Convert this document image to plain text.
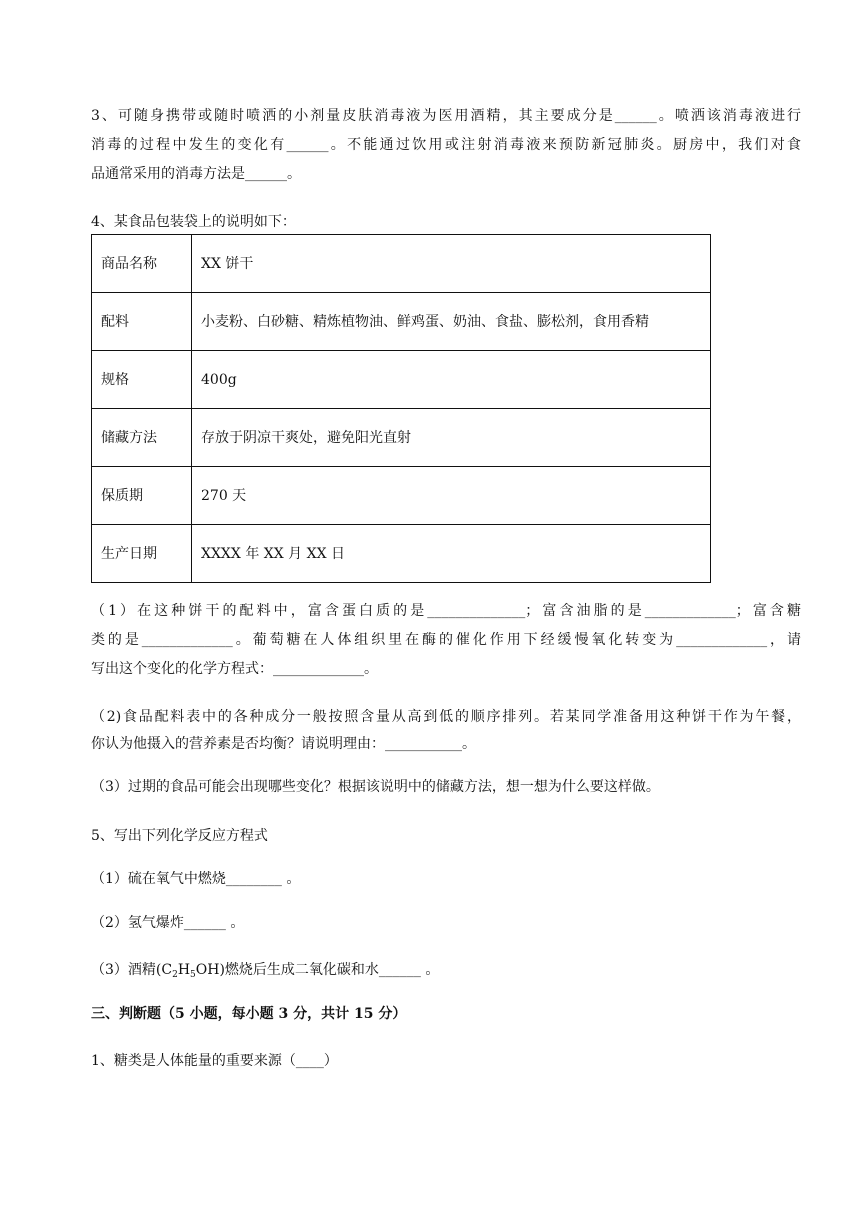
3、可随身携带或随时喷洒的小剂量皮肤消毒液为医用酒精，其主要成分是______。喷洒该消毒液进行
消毒的过程中发生的变化有______。不能通过饮用或注射消毒液来预防新冠肺炎。厨房中，我们对食
品通常采用的消毒方法是______。
4、某食品包装袋上的说明如下：
商品名称	XX 饼干
配料	小麦粉、白砂糖、精炼植物油、鲜鸡蛋、奶油、食盐、膨松剂，食用香精
规格	400g
储藏方法	存放于阴凉干爽处，避免阳光直射
保质期	270 天
生产日期	XXXX 年 XX 月 XX 日
（1）在这种饼干的配料中，富含蛋白质的是______________；富含油脂的是_____________；富含糖
类的是_____________。葡萄糖在人体组织里在酶的催化作用下经缓慢氧化转变为_____________，请
写出这个变化的化学方程式：_____________。
（2)食品配料表中的各种成分一般按照含量从高到低的顺序排列。若某同学准备用这种饼干作为午餐，
你认为他摄入的营养素是否均衡？请说明理由：___________。
（3）过期的食品可能会出现哪些变化？根据该说明中的储藏方法，想一想为什么要这样做。
5、写出下列化学反应方程式
（1）硫在氧气中燃烧________ 。
（2）氢气爆炸______ 。
（3）酒精$(C_2H_5OH)$燃烧后生成二氧化碳和水______ 。
三、判断题（5 小题，每小题 3 分，共计 15 分）
1、糖类是人体能量的重要来源（____）
